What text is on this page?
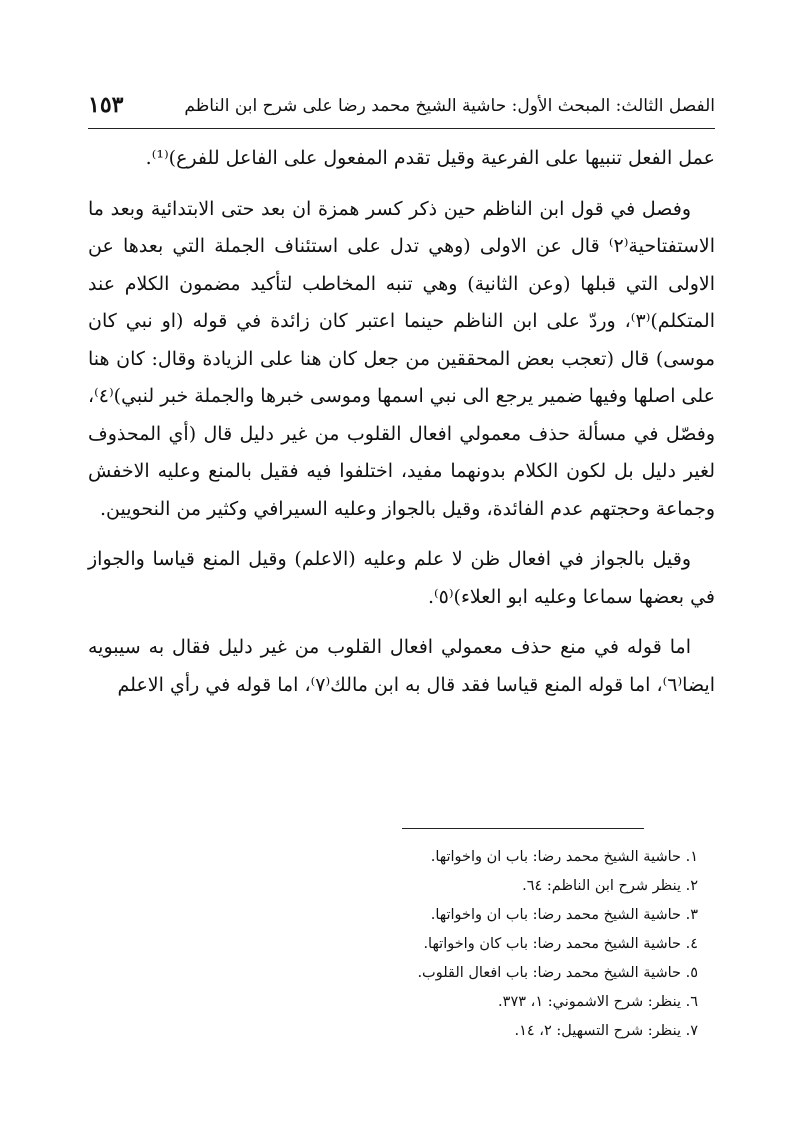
الفصل الثالث: المبحث الأول: حاشية الشيخ محمد رضا على شرح ابن الناظم
١٥٣

عمل الفعل تنبيها على الفرعية وقيل تقدم المفعول على الفاعل للفرع)⁽¹⁾.

وفصل في قول ابن الناظم حين ذكر كسر همزة ان بعد حتى الابتدائية وبعد ما الاستفتاحية⁽٢⁾ قال عن الاولى (وهي تدل على استئناف الجملة التي بعدها عن الاولى التي قبلها (وعن الثانية) وهي تنبه المخاطب لتأكيد مضمون الكلام عند المتكلم)⁽٣⁾، وردّ على ابن الناظم حينما اعتبر كان زائدة في قوله (او نبي كان موسى) قال (تعجب بعض المحققين من جعل كان هنا على الزيادة وقال: كان هنا على اصلها وفيها ضمير يرجع الى نبي اسمها وموسى خبرها والجملة خبر لنبي)⁽٤⁾، وفصّل في مسألة حذف معمولي افعال القلوب من غير دليل قال (أي المحذوف لغير دليل بل لكون الكلام بدونهما مفيد، اختلفوا فيه فقيل بالمنع وعليه الاخفش وجماعة وحجتهم عدم الفائدة، وقيل بالجواز وعليه السيرافي وكثير من النحويين.

وقيل بالجواز في افعال ظن لا علم وعليه (الاعلم) وقيل المنع قياسا والجواز في بعضها سماعا وعليه ابو العلاء)⁽٥⁾.

اما قوله في منع حذف معمولي افعال القلوب من غير دليل فقال به سيبويه ايضا⁽٦⁾، اما قوله المنع قياسا فقد قال به ابن مالك⁽٧⁾، اما قوله في رأي الاعلم

١. حاشية الشيخ محمد رضا: باب ان واخواتها.
٢. ينظر شرح ابن الناظم: ٦٤.
٣. حاشية الشيخ محمد رضا: باب ان واخواتها.
٤. حاشية الشيخ محمد رضا: باب كان واخواتها.
٥. حاشية الشيخ محمد رضا: باب افعال القلوب.
٦. ينظر: شرح الاشموني: ١، ٣٧٣.
٧. ينظر: شرح التسهيل: ٢، ١٤.
